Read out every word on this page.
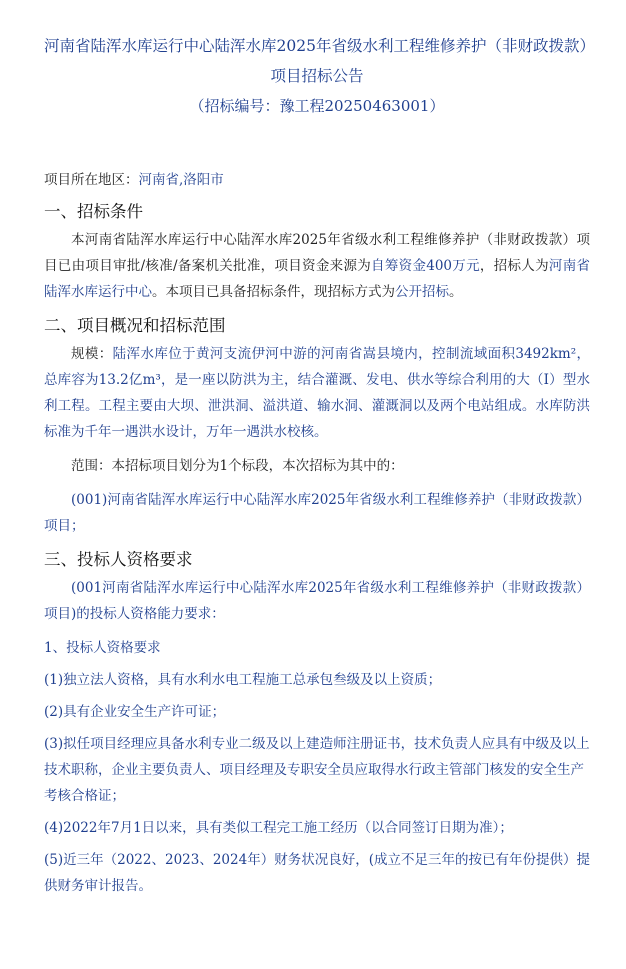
河南省陆浑水库运行中心陆浑水库2025年省级水利工程维修养护（非财政拨款）
项目招标公告
（招标编号：豫工程20250463001）
项目所在地区：河南省,洛阳市
一、招标条件

本河南省陆浑水库运行中心陆浑水库2025年省级水利工程维修养护（非财政拨款）项目已由项目审批/核准/备案机关批准，项目资金来源为自筹资金400万元，招标人为河南省陆浑水库运行中心。本项目已具备招标条件，现招标方式为公开招标。

二、项目概况和招标范围

规模：陆浑水库位于黄河支流伊河中游的河南省嵩县境内，控制流域面积3492km²，总库容为13.2亿m³，是一座以防洪为主，结合灌溉、发电、供水等综合利用的大（Ⅰ）型水利工程。工程主要由大坝、泄洪洞、溢洪道、输水洞、灌溉洞以及两个电站组成。水库防洪标准为千年一遇洪水设计，万年一遇洪水校核。

范围：本招标项目划分为1个标段，本次招标为其中的：

(001)河南省陆浑水库运行中心陆浑水库2025年省级水利工程维修养护（非财政拨款）项目；

三、投标人资格要求

(001河南省陆浑水库运行中心陆浑水库2025年省级水利工程维修养护（非财政拨款）项目)的投标人资格能力要求：

1、投标人资格要求

(1)独立法人资格，具有水利水电工程施工总承包叁级及以上资质；

(2)具有企业安全生产许可证；

(3)拟任项目经理应具备水利专业二级及以上建造师注册证书，技术负责人应具有中级及以上技术职称，企业主要负责人、项目经理及专职安全员应取得水行政主管部门核发的安全生产考核合格证；

(4)2022年7月1日以来，具有类似工程完工施工经历（以合同签订日期为准）；

(5)近三年（2022、2023、2024年）财务状况良好，(成立不足三年的按已有年份提供）提供财务审计报告。
